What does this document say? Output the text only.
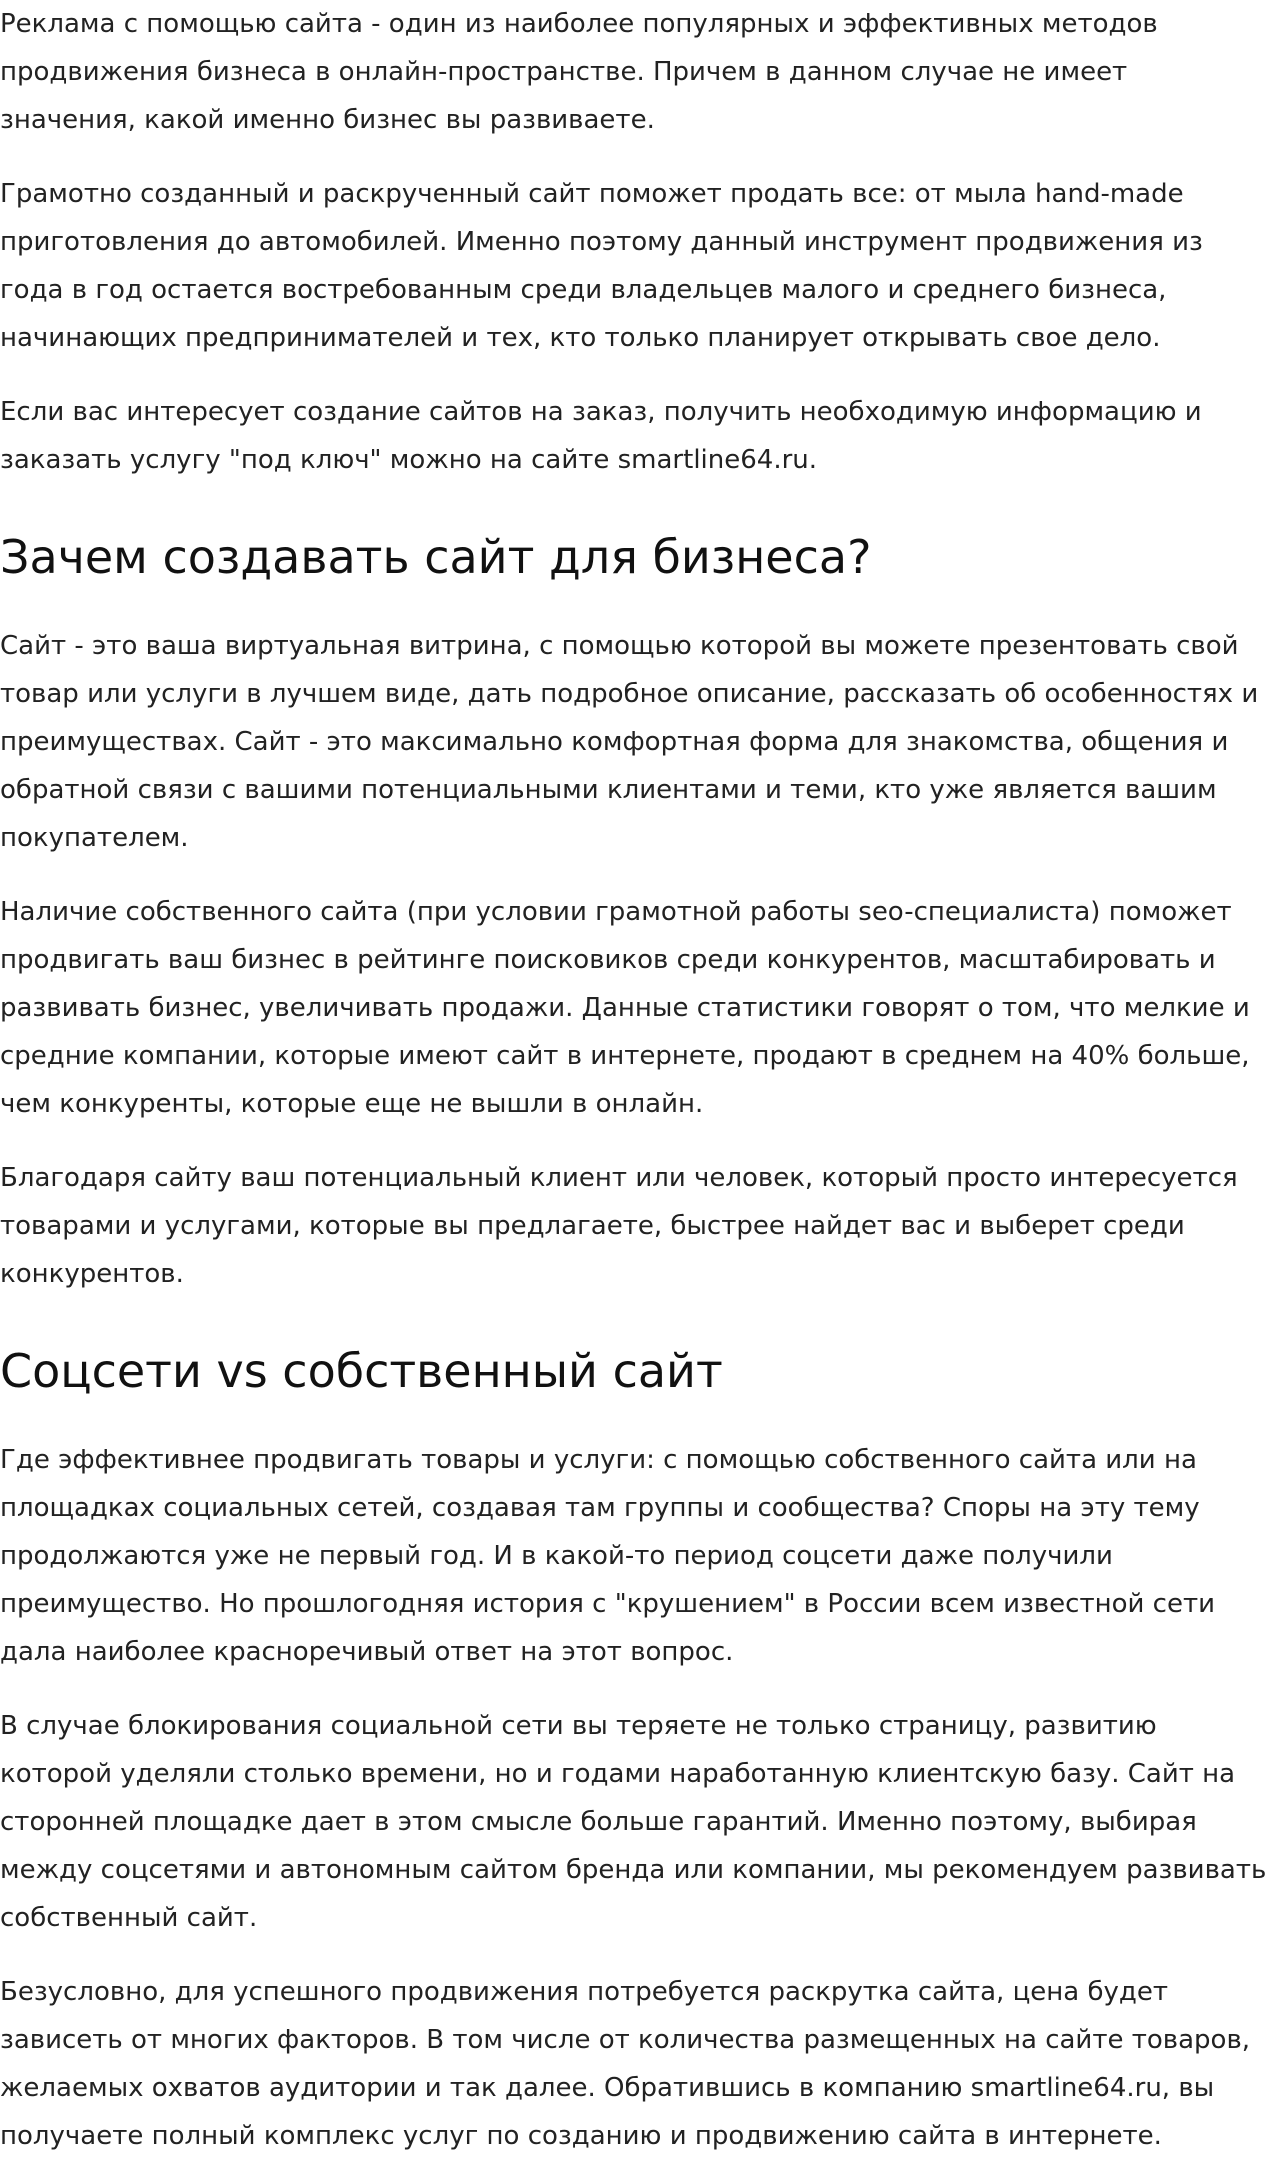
Реклама с помощью сайта - один из наиболее популярных и эффективных методов продвижения бизнеса в онлайн-пространстве. Причем в данном случае не имеет значения, какой именно бизнес вы развиваете.

Грамотно созданный и раскрученный сайт поможет продать все: от мыла hand-made приготовления до автомобилей. Именно поэтому данный инструмент продвижения из года в год остается востребованным среди владельцев малого и среднего бизнеса, начинающих предпринимателей и тех, кто только планирует открывать свое дело.

Если вас интересует создание сайтов на заказ, получить необходимую информацию и заказать услугу "под ключ" можно на сайте smartline64.ru.

Зачем создавать сайт для бизнеса?

Сайт - это ваша виртуальная витрина, с помощью которой вы можете презентовать свой товар или услуги в лучшем виде, дать подробное описание, рассказать об особенностях и преимуществах. Сайт - это максимально комфортная форма для знакомства, общения и обратной связи с вашими потенциальными клиентами и теми, кто уже является вашим покупателем.

Наличие собственного сайта (при условии грамотной работы seo-специалиста) поможет продвигать ваш бизнес в рейтинге поисковиков среди конкурентов, масштабировать и развивать бизнес, увеличивать продажи. Данные статистики говорят о том, что мелкие и средние компании, которые имеют сайт в интернете, продают в среднем на 40% больше, чем конкуренты, которые еще не вышли в онлайн.

Благодаря сайту ваш потенциальный клиент или человек, который просто интересуется товарами и услугами, которые вы предлагаете, быстрее найдет вас и выберет среди конкурентов.

Соцсети vs собственный сайт

Где эффективнее продвигать товары и услуги: с помощью собственного сайта или на площадках социальных сетей, создавая там группы и сообщества? Споры на эту тему продолжаются уже не первый год. И в какой-то период соцсети даже получили преимущество. Но прошлогодняя история с "крушением" в России всем известной сети дала наиболее красноречивый ответ на этот вопрос.

В случае блокирования социальной сети вы теряете не только страницу, развитию которой уделяли столько времени, но и годами наработанную клиентскую базу. Сайт на сторонней площадке дает в этом смысле больше гарантий. Именно поэтому, выбирая между соцсетями и автономным сайтом бренда или компании, мы рекомендуем развивать собственный сайт.

Безусловно, для успешного продвижения потребуется раскрутка сайта, цена будет зависеть от многих факторов. В том числе от количества размещенных на сайте товаров, желаемых охватов аудитории и так далее. Обратившись в компанию smartline64.ru, вы получаете полный комплекс услуг по созданию и продвижению сайта в интернете.
